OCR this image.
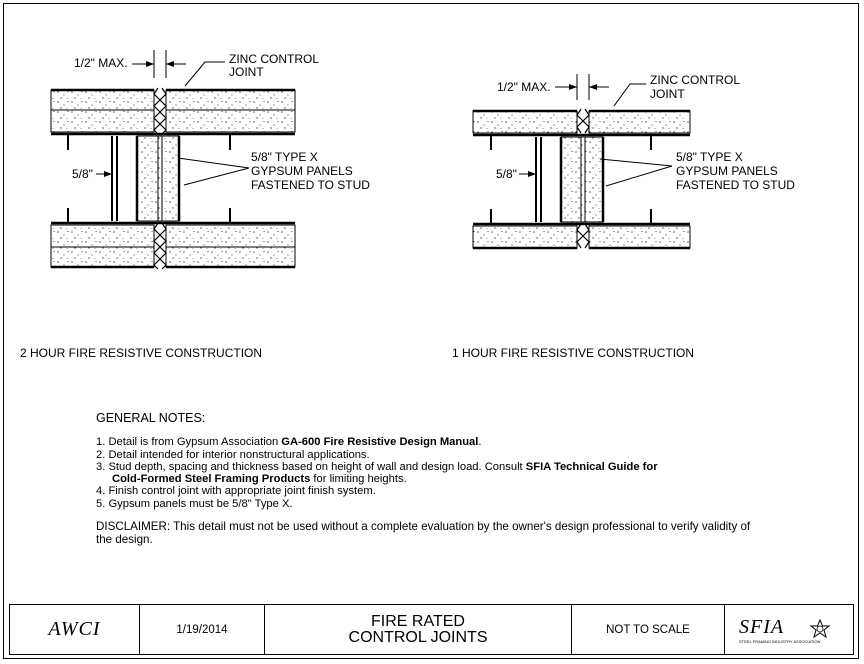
1/2" MAX.	ZINC CONTROL
JOINT
5/8"
5/8" TYPE X
GYPSUM PANELS
FASTENED TO STUD
2 HOUR FIRE RESISTIVE CONSTRUCTION
1/2" MAX.	ZINC CONTROL
JOINT
5/8"
5/8" TYPE X
GYPSUM PANELS
FASTENED TO STUD
1 HOUR FIRE RESISTIVE CONSTRUCTION
GENERAL NOTES:
1. Detail is from Gypsum Association GA-600 Fire Resistive Design Manual.
2. Detail intended for interior nonstructural applications.
3. Stud depth, spacing and thickness based on height of wall and design load. Consult SFIA Technical Guide for
Cold-Formed Steel Framing Products for limiting heights.
4. Finish control joint with appropriate joint finish system.
5. Gypsum panels must be 5/8" Type X.
DISCLAIMER: This detail must not be used without a complete evaluation by the owner's design professional to verify validity of the design.
AWCI	1/19/2014	FIRE RATED
CONTROL JOINTS	NOT TO SCALE SFIA
STEEL FRAMING INDUSTRY ASSOCIATION
